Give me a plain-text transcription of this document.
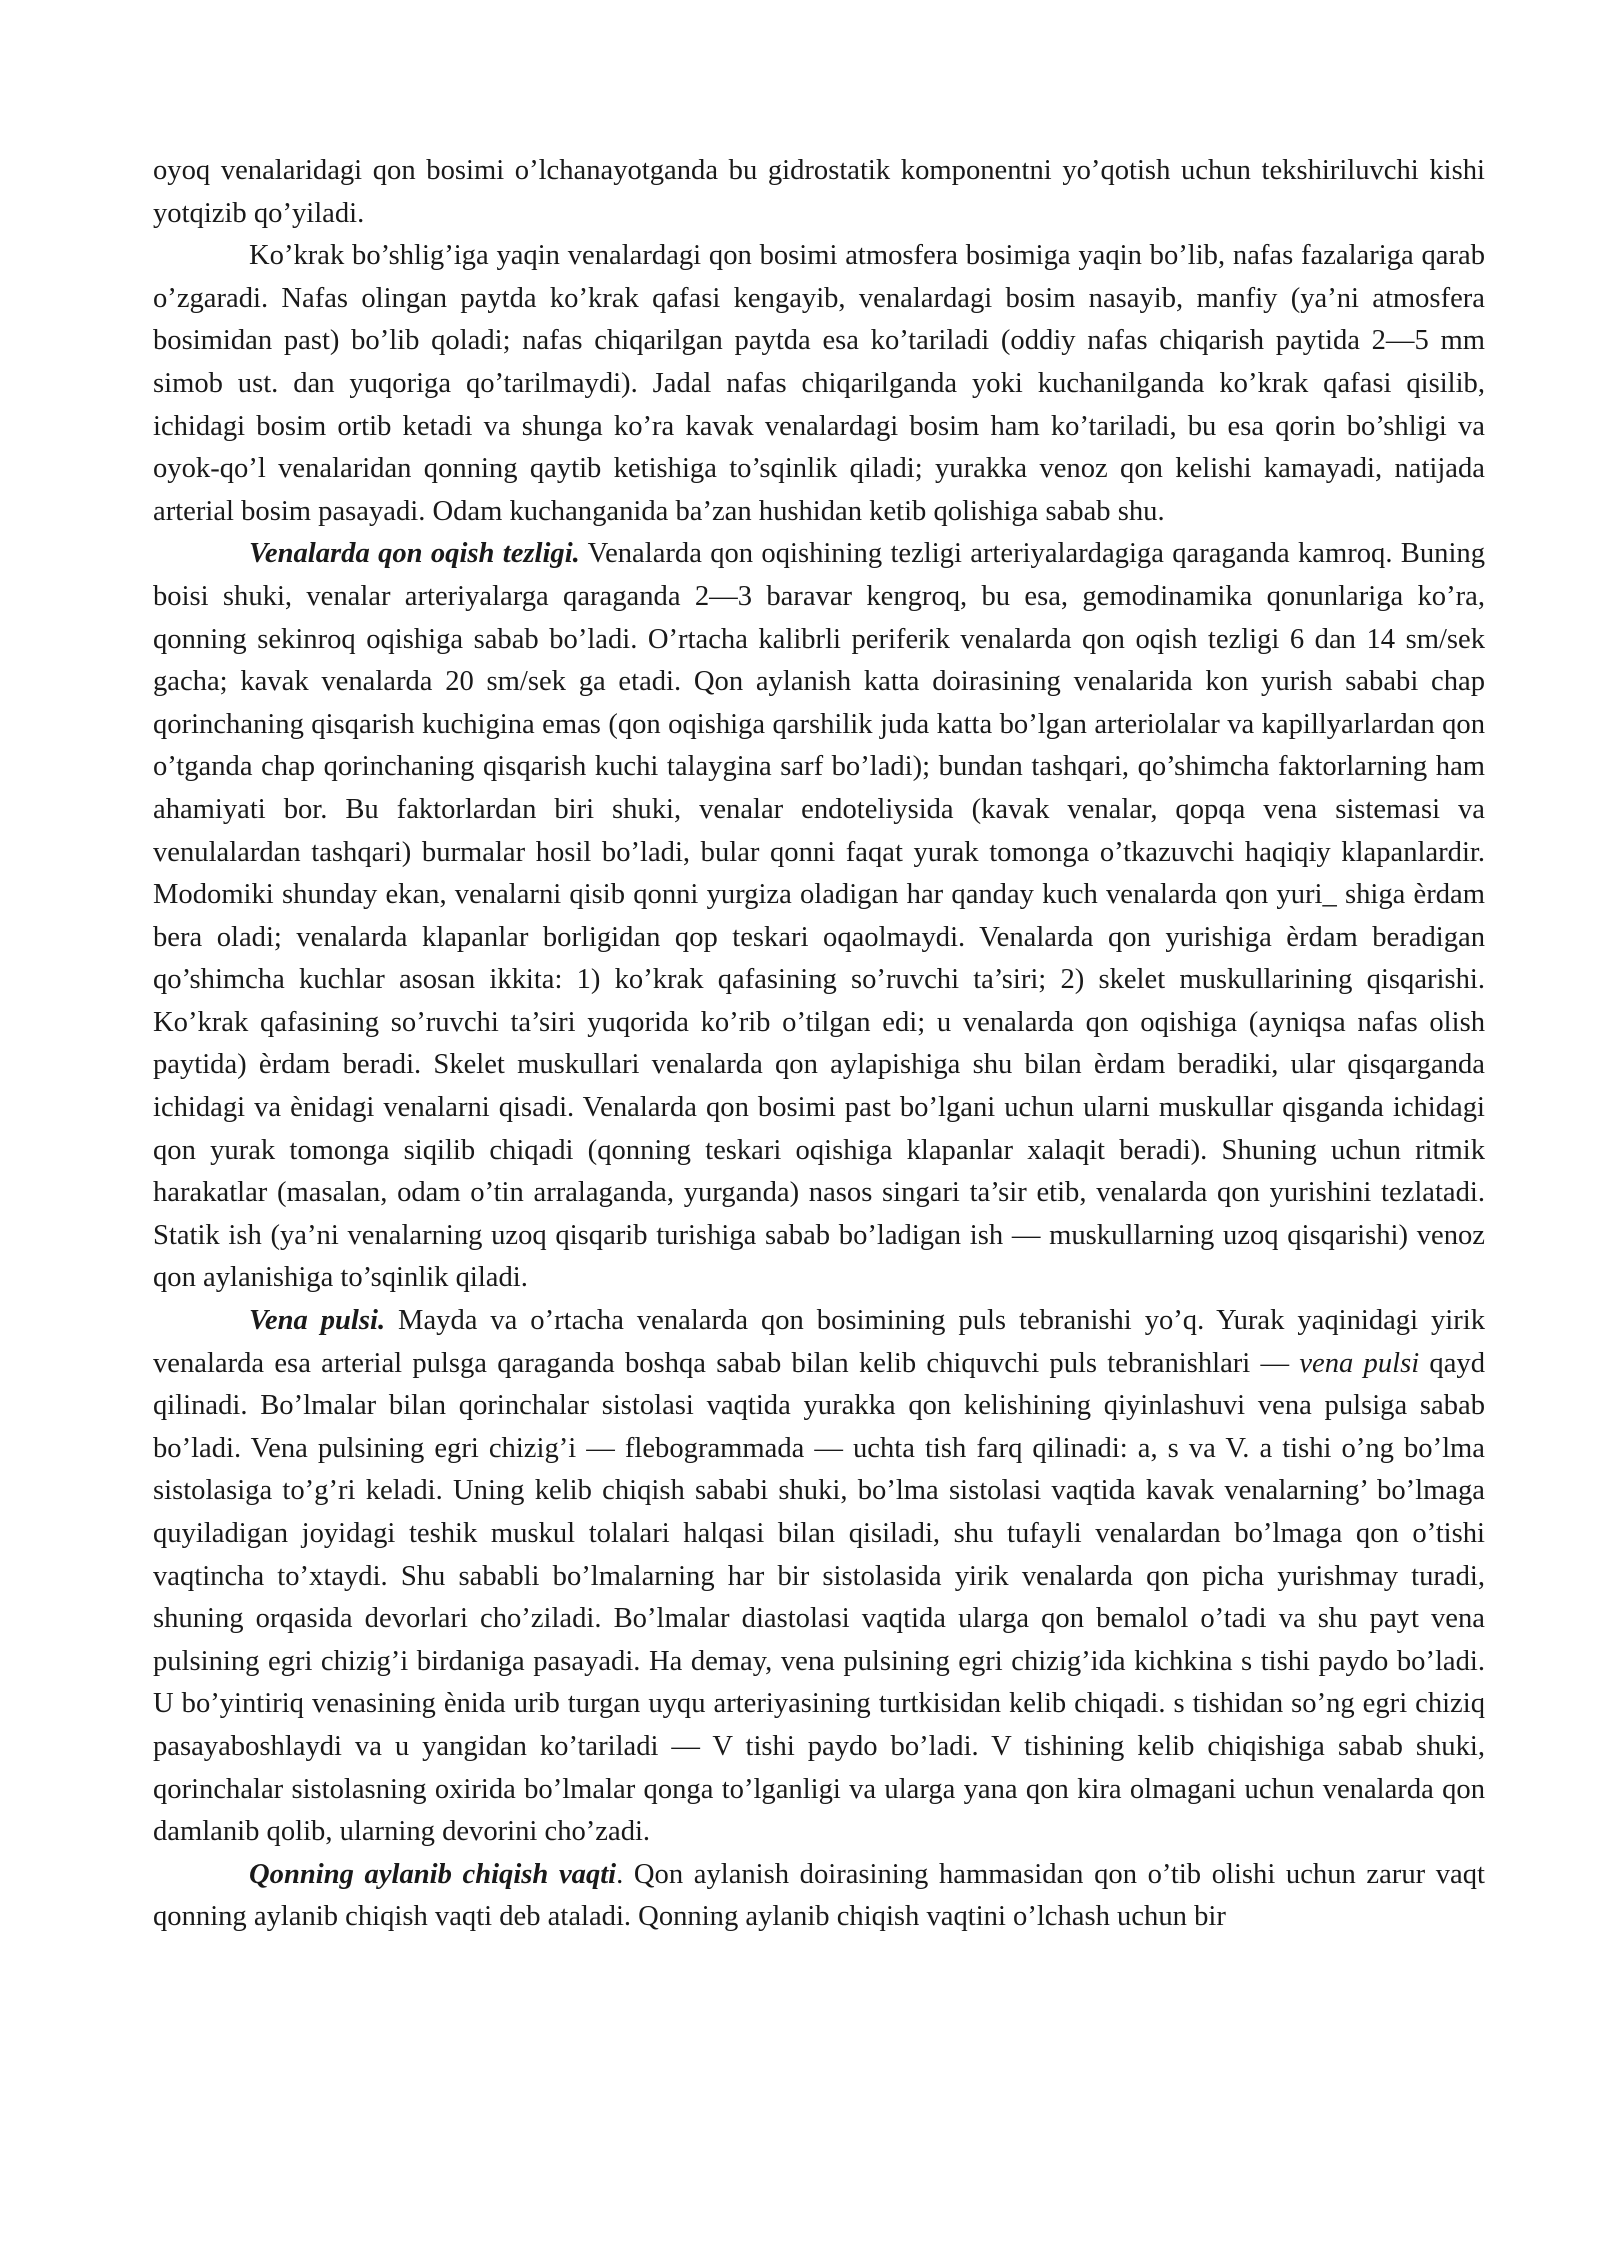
oyoq venalaridagi qon bosimi o’lchanayotganda bu gidrostatik komponentni yo’qotish uchun tekshiriluvchi kishi yotqizib qo’yiladi.

Ko’krak bo’shlig’iga yaqin venalardagi qon bosimi atmosfera bosimiga yaqin bo’lib, nafas fazalariga qarab o’zgaradi. Nafas olingan paytda ko’krak qafasi kengayib, venalardagi bosim nasayib, manfiy (ya’ni atmosfera bosimidan past) bo’lib qoladi; nafas chiqarilgan paytda esa ko’tariladi (oddiy nafas chiqarish paytida 2—5 mm simob ust. dan yuqoriga qo’tarilmaydi). Jadal nafas chiqarilganda yoki kuchanilganda ko’krak qafasi qisilib, ichidagi bosim ortib ketadi va shunga ko’ra kavak venalardagi bosim ham ko’tariladi, bu esa qorin bo’shligi va oyok-qo’l venalaridan qonning qaytib ketishiga to’sqinlik qiladi; yurakka venoz qon kelishi kamayadi, natijada arterial bosim pasayadi. Odam kuchanganida ba’zan hushidan ketib qolishiga sabab shu.

Venalarda qon oqish tezligi. Venalarda qon oqishining tezligi arteriyalardagiga qaraganda kamroq. Buning boisi shuki, venalar arteriyalarga qaraganda 2—3 baravar kengroq, bu esa, gemodinamika qonunlariga ko’ra, qonning sekinroq oqishiga sabab bo’ladi. O’rtacha kalibrli periferik venalarda qon oqish tezligi 6 dan 14 sm/sek gacha; kavak venalarda 20 sm/sek ga etadi. Qon aylanish katta doirasining venalarida kon yurish sababi chap qorinchaning qisqarish kuchigina emas (qon oqishiga qarshilik juda katta bo’lgan arteriolalar va kapillyarlardan qon o’tganda chap qorinchaning qisqarish kuchi talaygina sarf bo’ladi); bundan tashqari, qo’shimcha faktorlarning ham ahamiyati bor. Bu faktorlardan biri shuki, venalar endoteliysida (kavak venalar, qopqa vena sistemasi va venulalardan tashqari) burmalar hosil bo’ladi, bular qonni faqat yurak tomonga o’tkazuvchi haqiqiy klapanlardir. Modomiki shunday ekan, venalarni qisib qonni yurgiza oladigan har qanday kuch venalarda qon yuri_ shiga èrdam bera oladi; venalarda klapanlar borligidan qop teskari oqaolmaydi. Venalarda qon yurishiga èrdam beradigan qo’shimcha kuchlar asosan ikkita: 1) ko’krak qafasining so’ruvchi ta’siri; 2) skelet muskullarining qisqarishi. Ko’krak qafasining so’ruvchi ta’siri yuqorida ko’rib o’tilgan edi; u venalarda qon oqishiga (ayniqsa nafas olish paytida) èrdam beradi. Skelet muskullari venalarda qon aylapishiga shu bilan èrdam beradiki, ular qisqarganda ichidagi va ènidagi venalarni qisadi. Venalarda qon bosimi past bo’lgani uchun ularni muskullar qisganda ichidagi qon yurak tomonga siqilib chiqadi (qonning teskari oqishiga klapanlar xalaqit beradi). Shuning uchun ritmik harakatlar (masalan, odam o’tin arralaganda, yurganda) nasos singari ta’sir etib, venalarda qon yurishini tezlatadi. Statik ish (ya’ni venalarning uzoq qisqarib turishiga sabab bo’ladigan ish — muskullarning uzoq qisqarishi) venoz qon aylanishiga to’sqinlik qiladi.

Vena pulsi. Mayda va o’rtacha venalarda qon bosimining puls tebranishi yo’q. Yurak yaqinidagi yirik venalarda esa arterial pulsga qaraganda boshqa sabab bilan kelib chiquvchi puls tebranishlari — vena pulsi qayd qilinadi. Bo’lmalar bilan qorinchalar sistolasi vaqtida yurakka qon kelishining qiyinlashuvi vena pulsiga sabab bo’ladi. Vena pulsining egri chizig’i — flebogrammada — uchta tish farq qilinadi: a, s va V. a tishi o’ng bo’lma sistolasiga to’g’ri keladi. Uning kelib chiqish sababi shuki, bo’lma sistolasi vaqtida kavak venalarning’ bo’lmaga quyiladigan joyidagi teshik muskul tolalari halqasi bilan qisiladi, shu tufayli venalardan bo’lmaga qon o’tishi vaqtincha to’xtaydi. Shu sababli bo’lmalarning har bir sistolasida yirik venalarda qon picha yurishmay turadi, shuning orqasida devorlari cho’ziladi. Bo’lmalar diastolasi vaqtida ularga qon bemalol o’tadi va shu payt vena pulsining egri chizig’i birdaniga pasayadi. Ha demay, vena pulsining egri chizig’ida kichkina s tishi paydo bo’ladi. U bo’yintiriq venasining ènida urib turgan uyqu arteriyasining turtkisidan kelib chiqadi. s tishidan so’ng egri chiziq pasayaboshlaydi va u yangidan ko’tariladi — V tishi paydo bo’ladi. V tishining kelib chiqishiga sabab shuki, qorinchalar sistolasning oxirida bo’lmalar qonga to’lganligi va ularga yana qon kira olmagani uchun venalarda qon damlanib qolib, ularning devorini cho’zadi.

Qonning aylanib chiqish vaqti. Qon aylanish doirasining hammasidan qon o’tib olishi uchun zarur vaqt qonning aylanib chiqish vaqti deb ataladi. Qonning aylanib chiqish vaqtini o’lchash uchun bir
